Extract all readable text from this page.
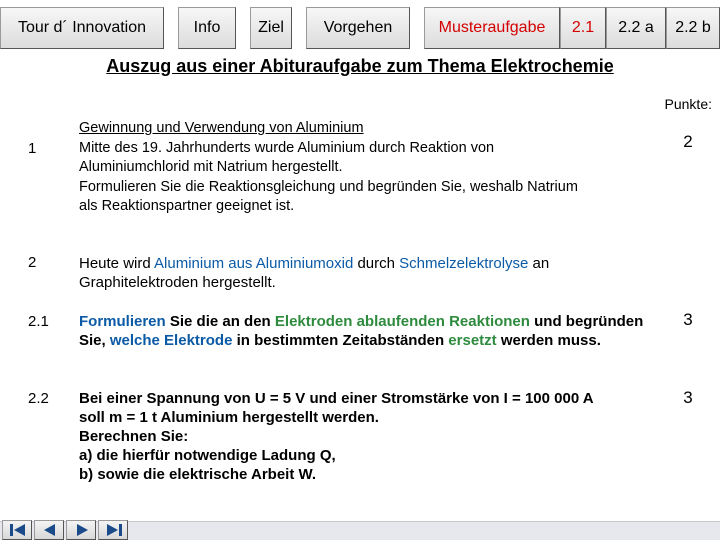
Tour d´ Innovation	Info	Ziel	Vorgehen	Musteraufgabe	2.1	2.2 a	2.2 b
Auszug aus einer Abituraufgabe zum Thema Elektrochemie
Punkte:
1
Gewinnung und Verwendung von Aluminium
Mitte des 19. Jahrhunderts wurde Aluminium durch Reaktion von
Aluminiumchlorid mit Natrium hergestellt.
Formulieren Sie die Reaktionsgleichung und begründen Sie, weshalb Natrium
als Reaktionspartner geeignet ist.
2
2	Heute wird Aluminium aus Aluminiumoxid durch Schmelzelektrolyse an Graphitelektroden hergestellt.
2.1 Formulieren Sie die an den Elektroden ablaufenden Reaktionen und begründen Sie, welche Elektrode in bestimmten Zeitabständen ersetzt werden muss.
3
2.2 Bei einer Spannung von U = 5 V und einer Stromstärke von I = 100 000 A
soll m = 1 t Aluminium hergestellt werden.
Berechnen Sie:
a) die hierfür notwendige Ladung Q,
b) sowie die elektrische Arbeit W.
3
